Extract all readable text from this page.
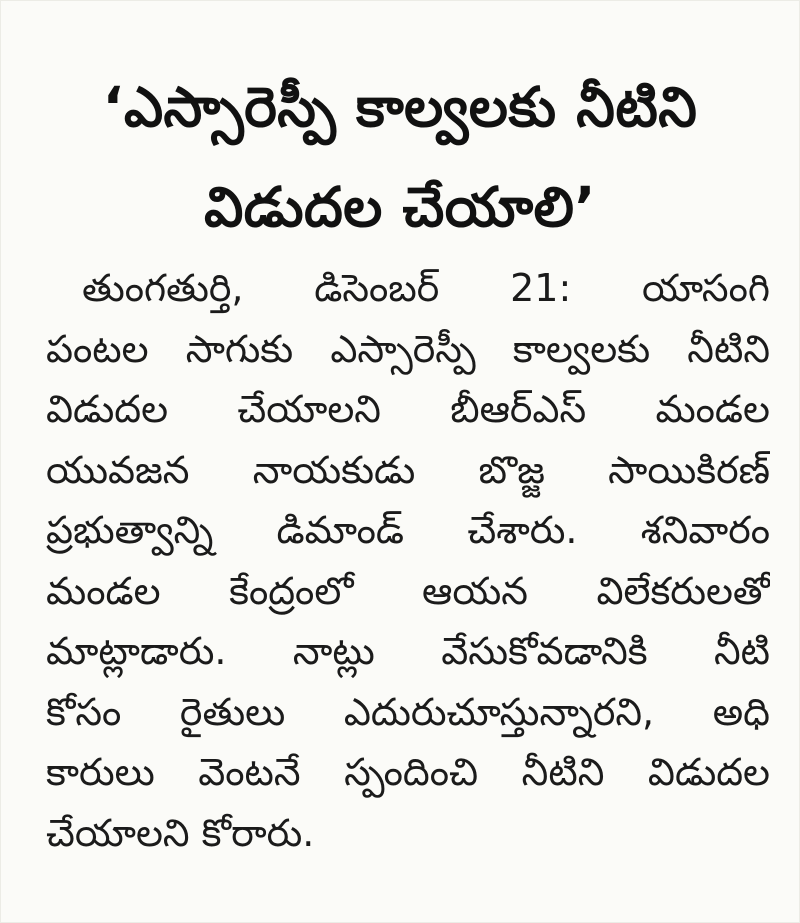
‘ఎస్సారెస్పీ కాల్వలకు నీటిని
విడుదల చేయాలి’
తుంగతుర్తి, డిసెంబర్ 21: యాసంగి
పంటల సాగుకు ఎస్సారెస్పీ కాల్వలకు నీటిని
విడుదల చేయాలని బీఆర్ఎస్ మండల
యువజన నాయకుడు బొజ్జ సాయికిరణ్
ప్రభుత్వాన్ని డిమాండ్ చేశారు. శనివారం
మండల కేంద్రంలో ఆయన విలేకరులతో
మాట్లాడారు. నాట్లు వేసుకోవడానికి నీటి
కోసం రైతులు ఎదురుచూస్తున్నారని, అధి
కారులు వెంటనే స్పందించి నీటిని విడుదల
చేయాలని కోరారు.
